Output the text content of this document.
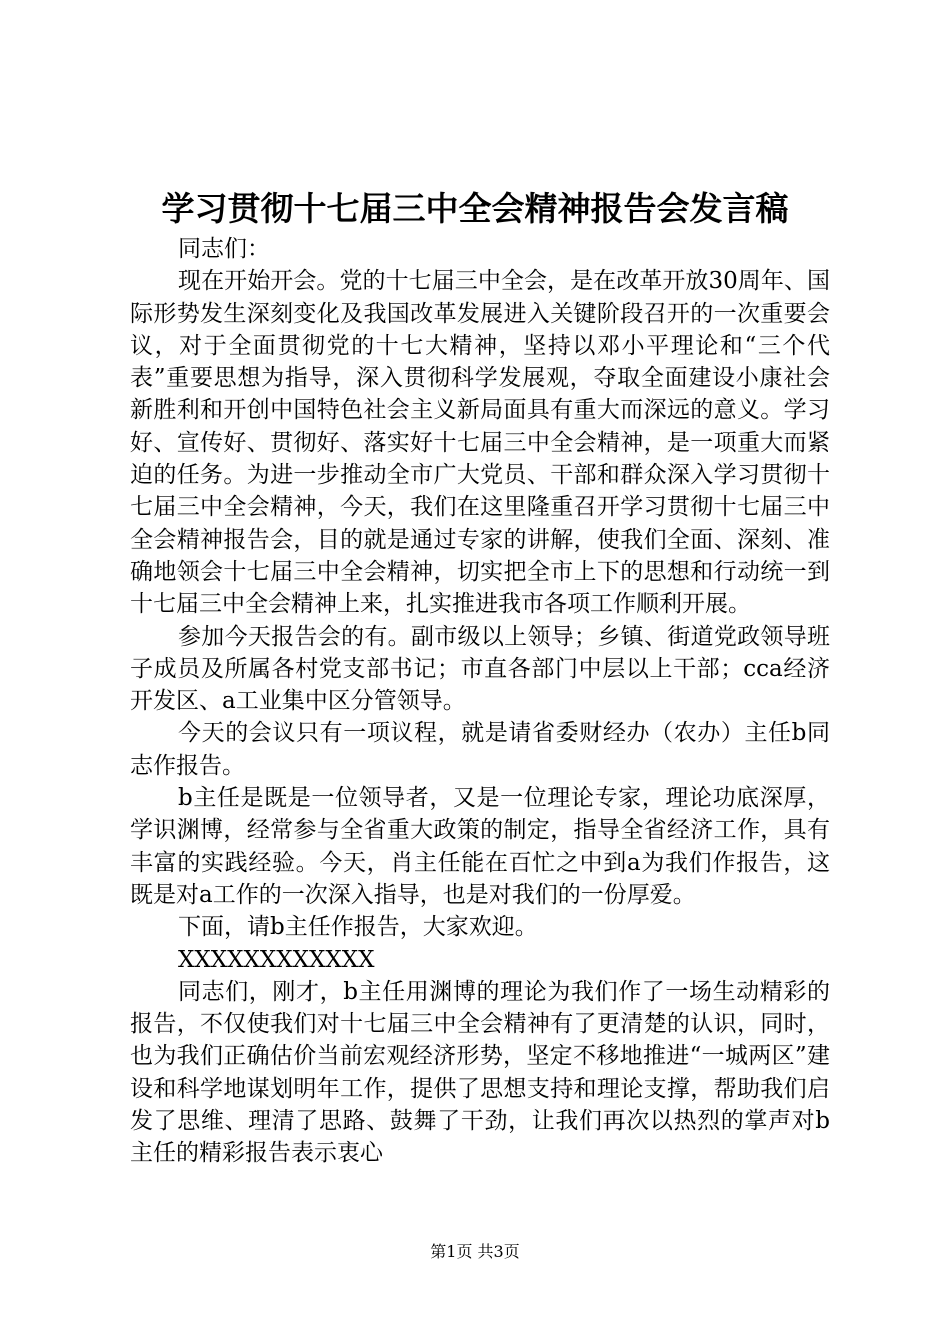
学习贯彻十七届三中全会精神报告会发言稿

同志们：

现在开始开会。党的十七届三中全会，是在改革开放30周年、国际形势发生深刻变化及我国改革发展进入关键阶段召开的一次重要会议，对于全面贯彻党的十七大精神，坚持以邓小平理论和“三个代表”重要思想为指导，深入贯彻科学发展观，夺取全面建设小康社会新胜利和开创中国特色社会主义新局面具有重大而深远的意义。学习好、宣传好、贯彻好、落实好十七届三中全会精神，是一项重大而紧迫的任务。为进一步推动全市广大党员、干部和群众深入学习贯彻十七届三中全会精神，今天，我们在这里隆重召开学习贯彻十七届三中全会精神报告会，目的就是通过专家的讲解，使我们全面、深刻、准确地领会十七届三中全会精神，切实把全市上下的思想和行动统一到十七届三中全会精神上来，扎实推进我市各项工作顺利开展。

参加今天报告会的有。副市级以上领导；乡镇、街道党政领导班子成员及所属各村党支部书记；市直各部门中层以上干部；cca经济开发区、a工业集中区分管领导。

今天的会议只有一项议程，就是请省委财经办（农办）主任b同志作报告。

b主任是既是一位领导者，又是一位理论专家，理论功底深厚，学识渊博，经常参与全省重大政策的制定，指导全省经济工作，具有丰富的实践经验。今天，肖主任能在百忙之中到a为我们作报告，这既是对a工作的一次深入指导，也是对我们的一份厚爱。

下面，请b主任作报告，大家欢迎。

XXXXXXXXXXXX

同志们，刚才，b主任用渊博的理论为我们作了一场生动精彩的报告，不仅使我们对十七届三中全会精神有了更清楚的认识，同时，也为我们正确估价当前宏观经济形势，坚定不移地推进“一城两区”建设和科学地谋划明年工作，提供了思想支持和理论支撑，帮助我们启发了思维、理清了思路、鼓舞了干劲，让我们再次以热烈的掌声对b主任的精彩报告表示衷心

第1页 共3页
